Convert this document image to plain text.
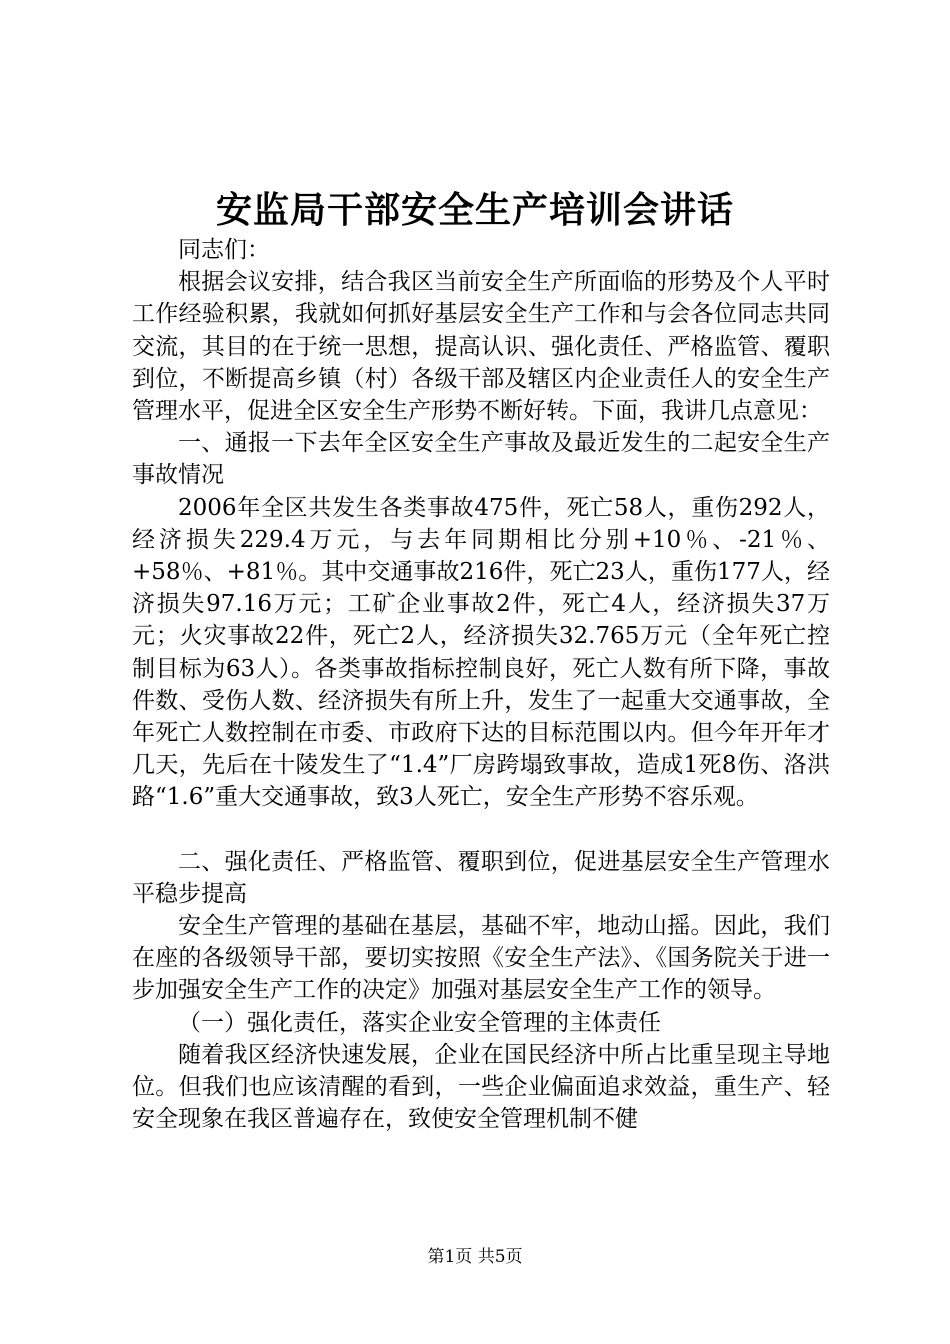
安监局干部安全生产培训会讲话

同志们：

根据会议安排，结合我区当前安全生产所面临的形势及个人平时工作经验积累，我就如何抓好基层安全生产工作和与会各位同志共同交流，其目的在于统一思想，提高认识、强化责任、严格监管、覆职到位，不断提高乡镇（村）各级干部及辖区内企业责任人的安全生产管理水平，促进全区安全生产形势不断好转。下面，我讲几点意见：

一、通报一下去年全区安全生产事故及最近发生的二起安全生产事故情况

2006年全区共发生各类事故475件，死亡58人，重伤292人，经济损失229.4万元，与去年同期相比分别+10％、-21％、+58％、+81％。其中交通事故216件，死亡23人，重伤177人，经济损失97.16万元；工矿企业事故2件，死亡4人，经济损失37万元；火灾事故22件，死亡2人，经济损失32.765万元（全年死亡控制目标为63人）。各类事故指标控制良好，死亡人数有所下降，事故件数、受伤人数、经济损失有所上升，发生了一起重大交通事故，全年死亡人数控制在市委、市政府下达的目标范围以内。但今年开年才几天，先后在十陵发生了“1.4”厂房跨塌致事故，造成1死8伤、洛洪路“1.6”重大交通事故，致3人死亡，安全生产形势不容乐观。

二、强化责任、严格监管、覆职到位，促进基层安全生产管理水平稳步提高

安全生产管理的基础在基层，基础不牢，地动山摇。因此，我们在座的各级领导干部，要切实按照《安全生产法》、《国务院关于进一步加强安全生产工作的决定》加强对基层安全生产工作的领导。

（一）强化责任，落实企业安全管理的主体责任

随着我区经济快速发展，企业在国民经济中所占比重呈现主导地位。但我们也应该清醒的看到，一些企业偏面追求效益，重生产、轻安全现象在我区普遍存在，致使安全管理机制不健

第1页 共5页
